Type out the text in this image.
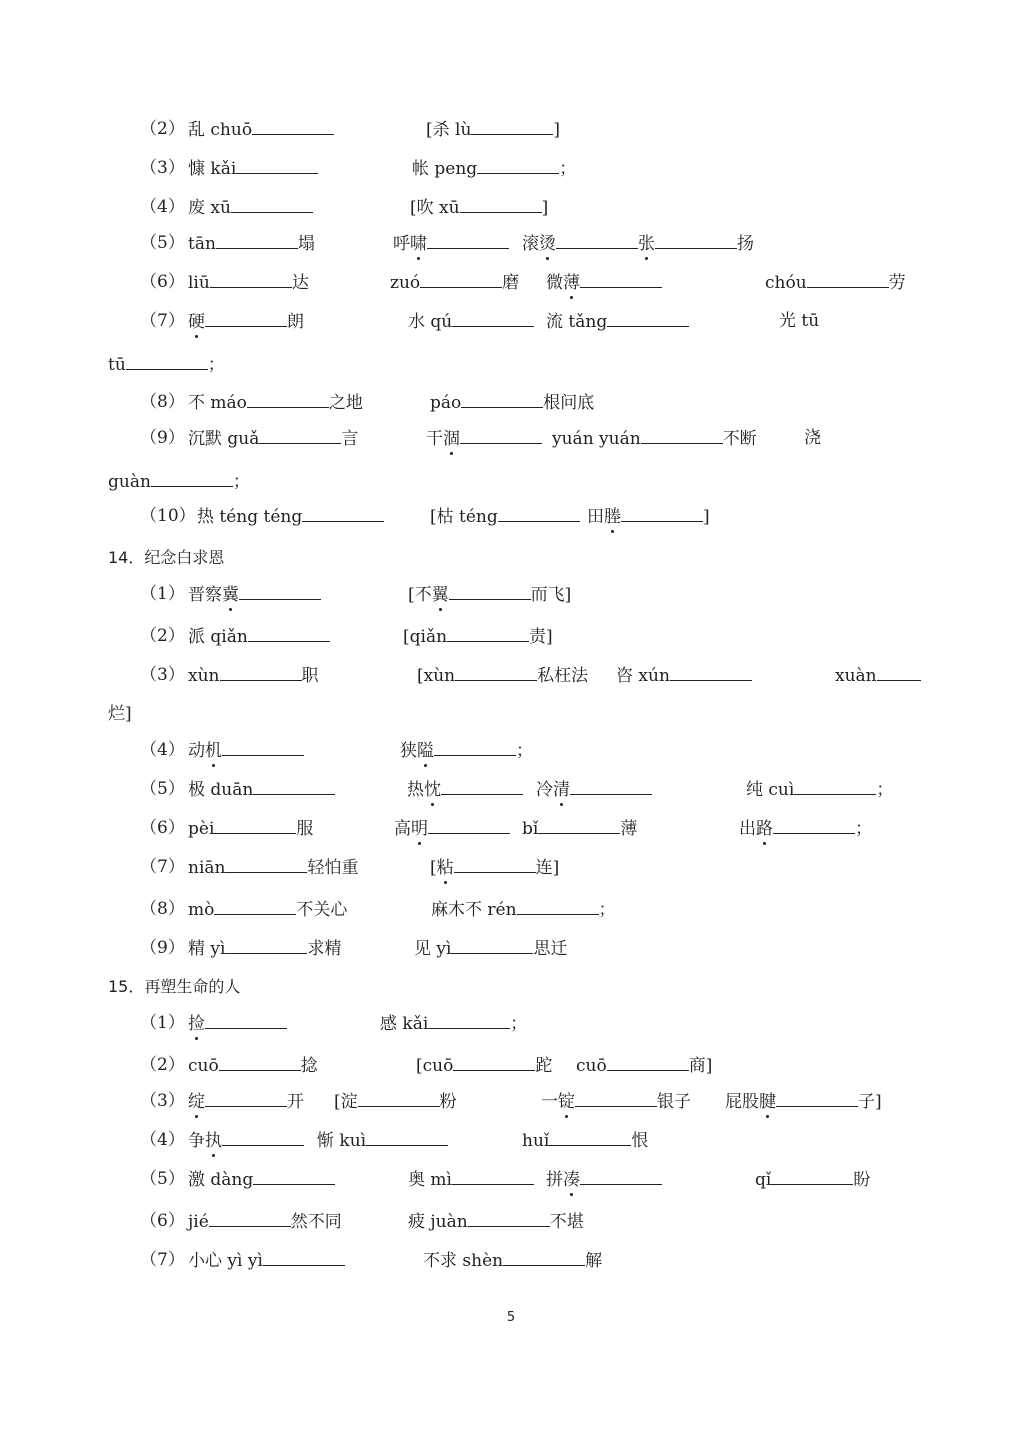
（2） 乱 chuō	[杀 lù	]
（3） 慷 kǎi	帐 peng	；
（4） 废 xū	[吹 xū	]
（5） tān	塌	呼啸	滚烫	张	扬
（6） liū	达	zuó	磨 微薄	chóu	劳
（7） 硬	朗	水 qú	流 tǎng	光 tū
tū	；
（8） 不 máo	之地	páo	根问底
（9） 沉默 guǎ	言	干涸	yuán yuán	不断	浇
guàn	；
（10） 热 téng téng	[枯 téng	田塍	]
14．纪念白求恩
（1） 晋察冀	[不翼	而飞]
（2） 派 qiǎn	[qiǎn	责]
（3） xùn	职	[xùn	私枉法 咨 xún	xuàn
烂]
（4） 动机	狭隘	；
（5） 极 duān	热忱	冷清	纯 cuì	；
（6） pèi	服	高明	bǐ	薄	出路	；
（7） niān	轻怕重	[粘	连]
（8） mò	不关心	麻木不 rén	；
（9） 精 yì	求精	见 yì	思迁
15．再塑生命的人
（1） 捡	感 kǎi	；
（2） cuō	捻	[cuō	跎 cuō	商]
（3） 绽	开 [淀	粉	一锭	银子 屁股腱	子]
（4） 争执	惭 kuì	huǐ	恨
（5） 激 dàng	奥 mì	拼凑	qǐ	盼
（6） jié	然不同	疲 juàn	不堪
（7） 小心 yì yì	不求 shèn	解
5
